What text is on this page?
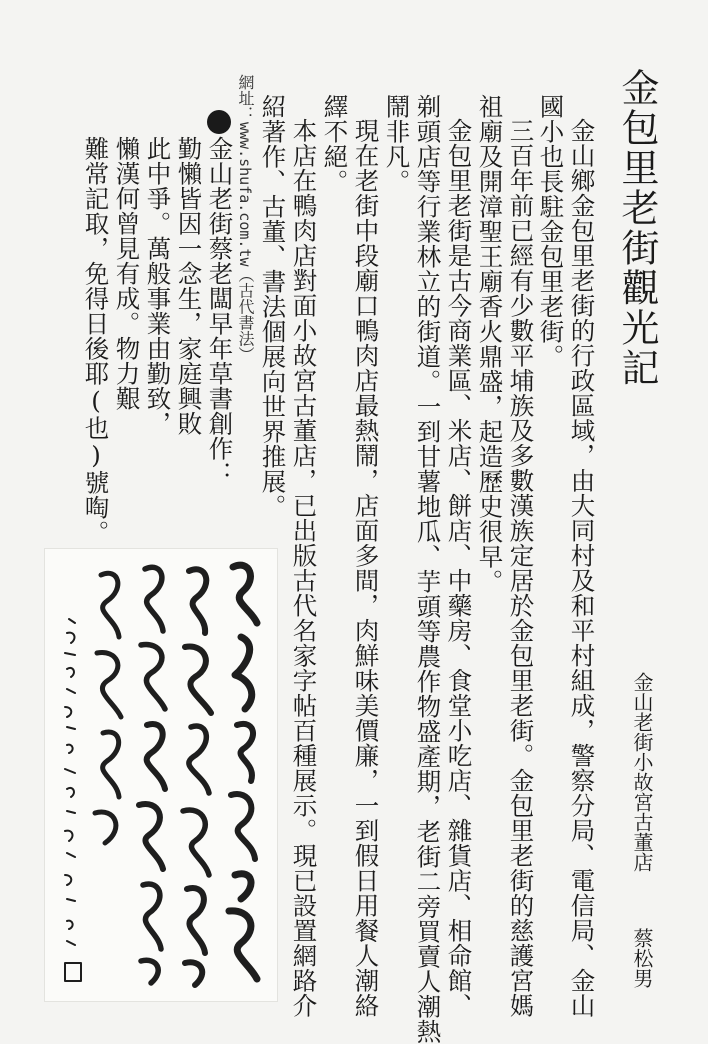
金包里老街觀光記
金山老街小故宮古董店
蔡松男
金山鄉金包里老街的行政區域，由大同村及和平村組成，警察分局、電信局、金山
國小也長駐金包里老街。
三百年前已經有少數平埔族及多數漢族定居於金包里老街。金包里老街的慈護宮媽
祖廟及開漳聖王廟香火鼎盛，起造歷史很早。
金包里老街是古今商業區、米店、餅店、中藥房、食堂小吃店、雜貨店、相命館、
剃頭店等行業林立的街道。一到甘薯地瓜、芋頭等農作物盛產期，老街二旁買賣人潮熱
鬧非凡。
現在老街中段廟口鴨肉店最熱鬧，店面多間，肉鮮味美價廉，一到假日用餐人潮絡
繹不絕。
本店在鴨肉店對面小故宮古董店，已出版古代名家字帖百種展示。現已設置網路介
紹著作、古董、書法個展向世界推展。
網址：www.shufa.com.tw（古代書法）
金山老街蔡老闆早年草書創作：
勤懶皆因一念生，家庭興敗
此中爭。萬般事業由勤致，
懶漢何曾見有成。物力艱
難常記取，免得日後耶(也)號啕。
